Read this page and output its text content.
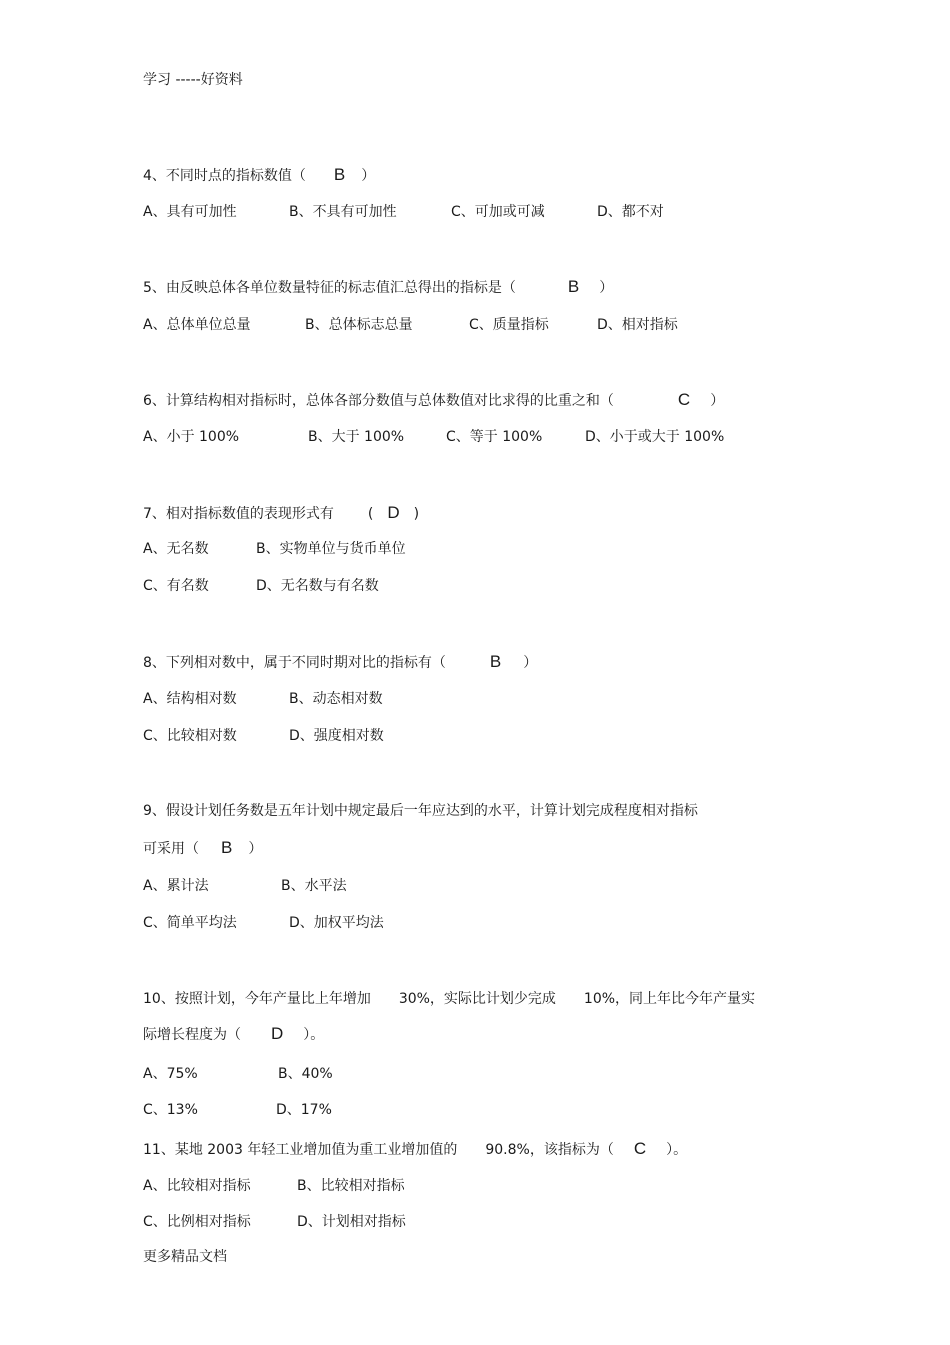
学习 -----好资料
4、不同时点的指标数值（ B ）
A、具有可加性	B、不具有可加性	C、可加或可减	D、都不对
5、由反映总体各单位数量特征的标志值汇总得出的指标是（	B ）
A、总体单位总量	B、总体标志总量	C、质量指标	D、相对指标
6、计算结构相对指标时，总体各部分数值与总体数值对比求得的比重之和（	C ）
A、小于 100%	B、大于 100%	C、等于 100%	D、小于或大于 100%
7、相对指标数值的表现形式有 ( D )
A、无名数	B、实物单位与货币单位
C、有名数	D、无名数与有名数
8、下列相对数中，属于不同时期对比的指标有（	B ）
A、结构相对数	B、动态相对数
C、比较相对数	D、强度相对数
9、假设计划任务数是五年计划中规定最后一年应达到的水平，计算计划完成程度相对指标
可采用（ B ）
A、累计法	B、水平法
C、简单平均法	D、加权平均法
10、按照计划，今年产量比上年增加　　30%，实际比计划少完成　　10%，同上年比今年产量实
际增长程度为（ D ）。
A、75%	B、40%
C、13%	D、17%
11、某地 2003 年轻工业增加值为重工业增加值的　　90.8%，该指标为（ C ）。
A、比较相对指标	B、比较相对指标
C、比例相对指标	D、计划相对指标
更多精品文档
